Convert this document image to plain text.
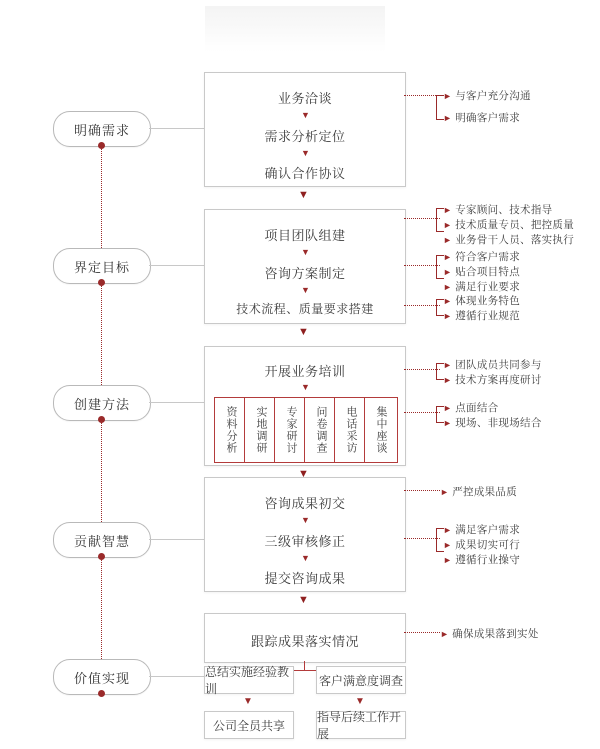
明确需求
界定目标
创建方法
贡献智慧
价值实现
业务洽谈
▼
需求分析定位
▼
确认合作协议
▼
► 与客户充分沟通
► 明确客户需求
项目团队组建
▼
咨询方案制定
▼
技术流程、质量要求搭建
▼
► 专家顾问、技术指导
► 技术质量专员、把控质量
► 业务骨干人员、落实执行
► 符合客户需求
► 贴合项目特点
► 满足行业要求
► 体现业务特色
► 遵循行业规范
开展业务培训
▼
资料分析 实地调研 专家研讨 问卷调查 电话采访 集中座谈
▼
► 团队成员共同参与
► 技术方案再度研讨
► 点面结合
► 现场、非现场结合
咨询成果初交
▼
三级审核修正
▼
提交咨询成果
▼
► 严控成果品质
► 满足客户需求
► 成果切实可行
► 遵循行业操守
跟踪成果落实情况	► 确保成果落到实处
总结实施经验教训
客户满意度调查
▼
▼
公司全员共享
指导后续工作开展
